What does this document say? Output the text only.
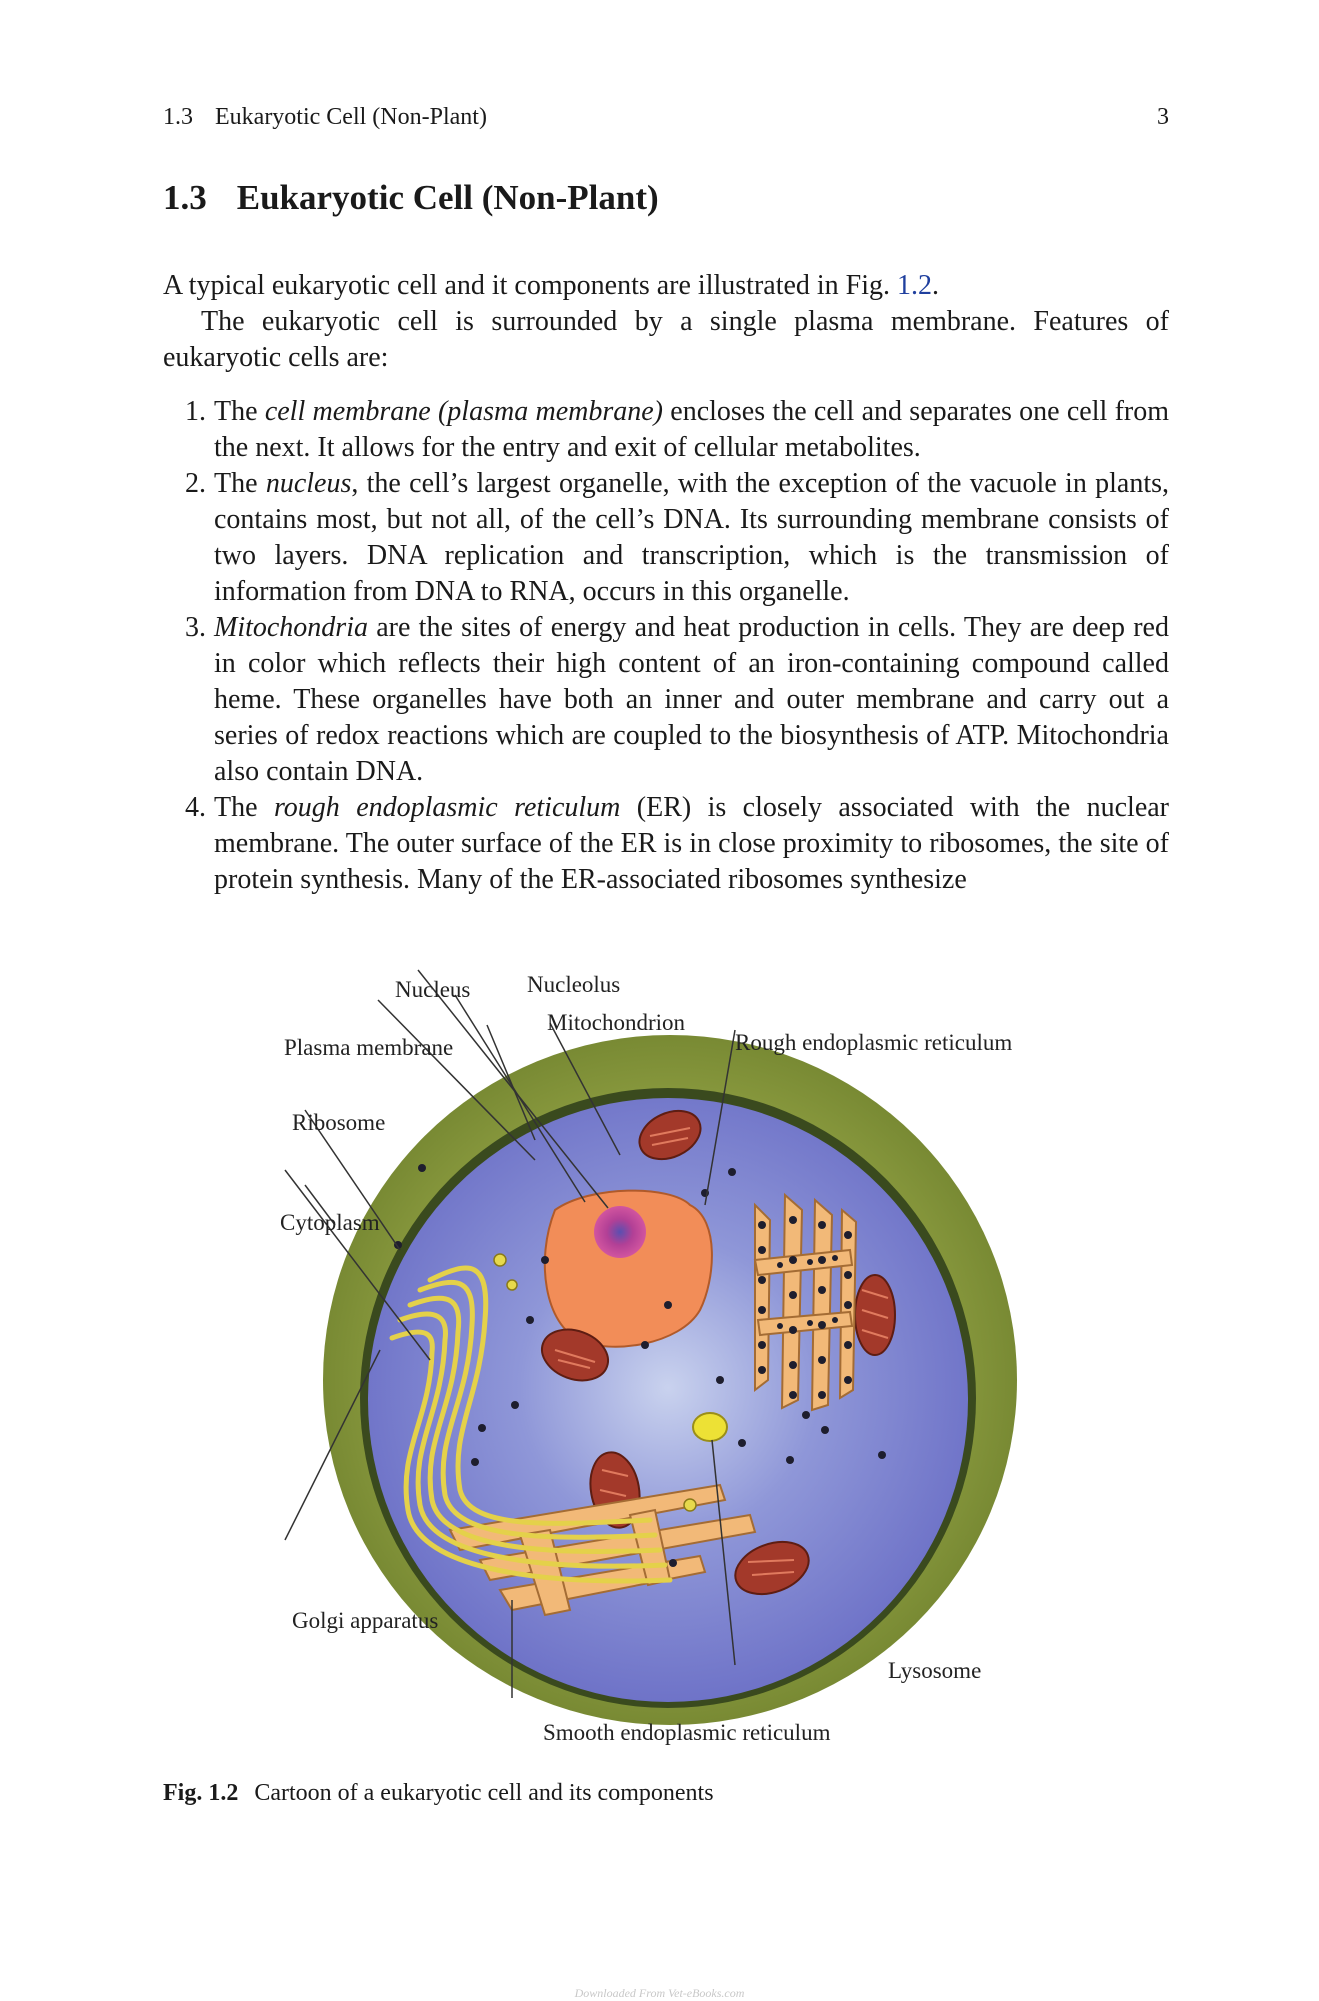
1.3 Eukaryotic Cell (Non-Plant)	3
1.3 Eukaryotic Cell (Non-Plant)

A typical eukaryotic cell and it components are illustrated in Fig. 1.2.

The eukaryotic cell is surrounded by a single plasma membrane. Features of eukaryotic cells are:

1. The cell membrane (plasma membrane) encloses the cell and separates one cell from the next. It allows for the entry and exit of cellular metabolites.
2. The nucleus, the cell’s largest organelle, with the exception of the vacuole in plants, contains most, but not all, of the cell’s DNA. Its surrounding membrane consists of two layers. DNA replication and transcription, which is the transmission of information from DNA to RNA, occurs in this organelle.
3. Mitochondria are the sites of energy and heat production in cells. They are deep red in color which reflects their high content of an iron-containing compound called heme. These organelles have both an inner and outer membrane and carry out a series of redox reactions which are coupled to the biosynthesis of ATP. Mitochondria also contain DNA.
4. The rough endoplasmic reticulum (ER) is closely associated with the nuclear membrane. The outer surface of the ER is in close proximity to ribosomes, the site of protein synthesis. Many of the ER-associated ribosomes synthesize
Nucleus Nucleolus
Mitochondrion
Plasma membrane	Rough endoplasmic reticulum
Ribosome
Cytoplasm
Golgi apparatus
Lysosome
Smooth endoplasmic reticulum
Fig. 1.2 Cartoon of a eukaryotic cell and its components
Downloaded From Vet-eBooks.com
